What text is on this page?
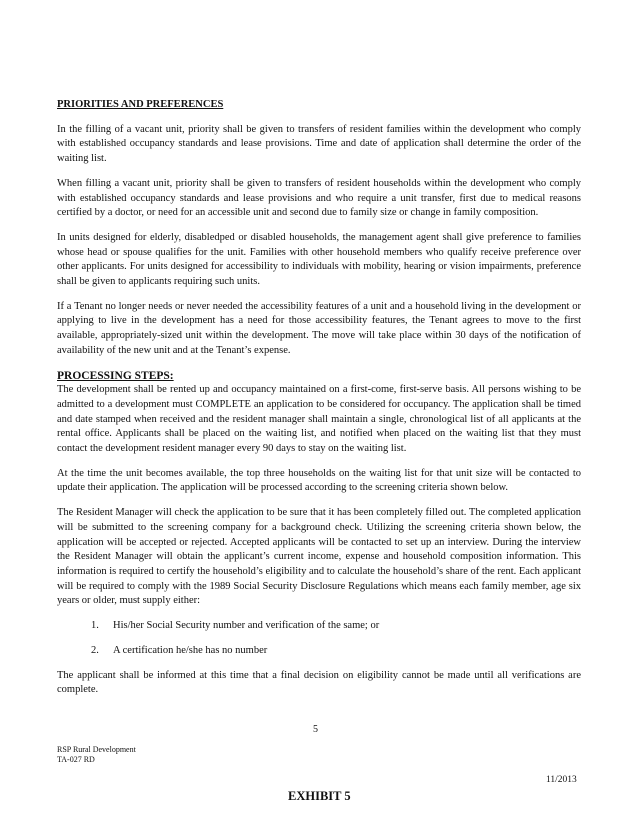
PRIORITIES AND PREFERENCES

In the filling of a vacant unit, priority shall be given to transfers of resident families within the development who comply with established occupancy standards and lease provisions. Time and date of application shall determine the order of the waiting list.

When filling a vacant unit, priority shall be given to transfers of resident households within the development who comply with established occupancy standards and lease provisions and who require a unit transfer, first due to medical reasons certified by a doctor, or need for an accessible unit and second due to family size or change in family composition.

In units designed for elderly, disabledped or disabled households, the management agent shall give preference to families whose head or spouse qualifies for the unit. Families with other household members who qualify receive preference over other applicants. For units designed for accessibility to individuals with mobility, hearing or vision impairments, preference shall be given to applicants requiring such units.

If a Tenant no longer needs or never needed the accessibility features of a unit and a household living in the development or applying to live in the development has a need for those accessibility features, the Tenant agrees to move to the first available, appropriately-sized unit within the development. The move will take place within 30 days of the notification of availability of the new unit and at the Tenant’s expense.

PROCESSING STEPS:

The development shall be rented up and occupancy maintained on a first-come, first-serve basis. All persons wishing to be admitted to a development must COMPLETE an application to be considered for occupancy. The application shall be timed and date stamped when received and the resident manager shall maintain a single, chronological list of all applicants at the rental office. Applicants shall be placed on the waiting list, and notified when placed on the waiting list that they must contact the development resident manager every 90 days to stay on the waiting list.

At the time the unit becomes available, the top three households on the waiting list for that unit size will be contacted to update their application. The application will be processed according to the screening criteria shown below.

The Resident Manager will check the application to be sure that it has been completely filled out. The completed application will be submitted to the screening company for a background check. Utilizing the screening criteria shown below, the application will be accepted or rejected. Accepted applicants will be contacted to set up an interview. During the interview the Resident Manager will obtain the applicant’s current income, expense and household composition information. This information is required to certify the household’s eligibility and to calculate the household’s share of the rent. Each applicant will be required to comply with the 1989 Social Security Disclosure Regulations which means each family member, age six years or older, must supply either:

1. His/her Social Security number and verification of the same; or
2. A certification he/she has no number

The applicant shall be informed at this time that a final decision on eligibility cannot be made until all verifications are complete.

5
RSP Rural Development
TA-027 RD
11/2013
EXHIBIT 5
